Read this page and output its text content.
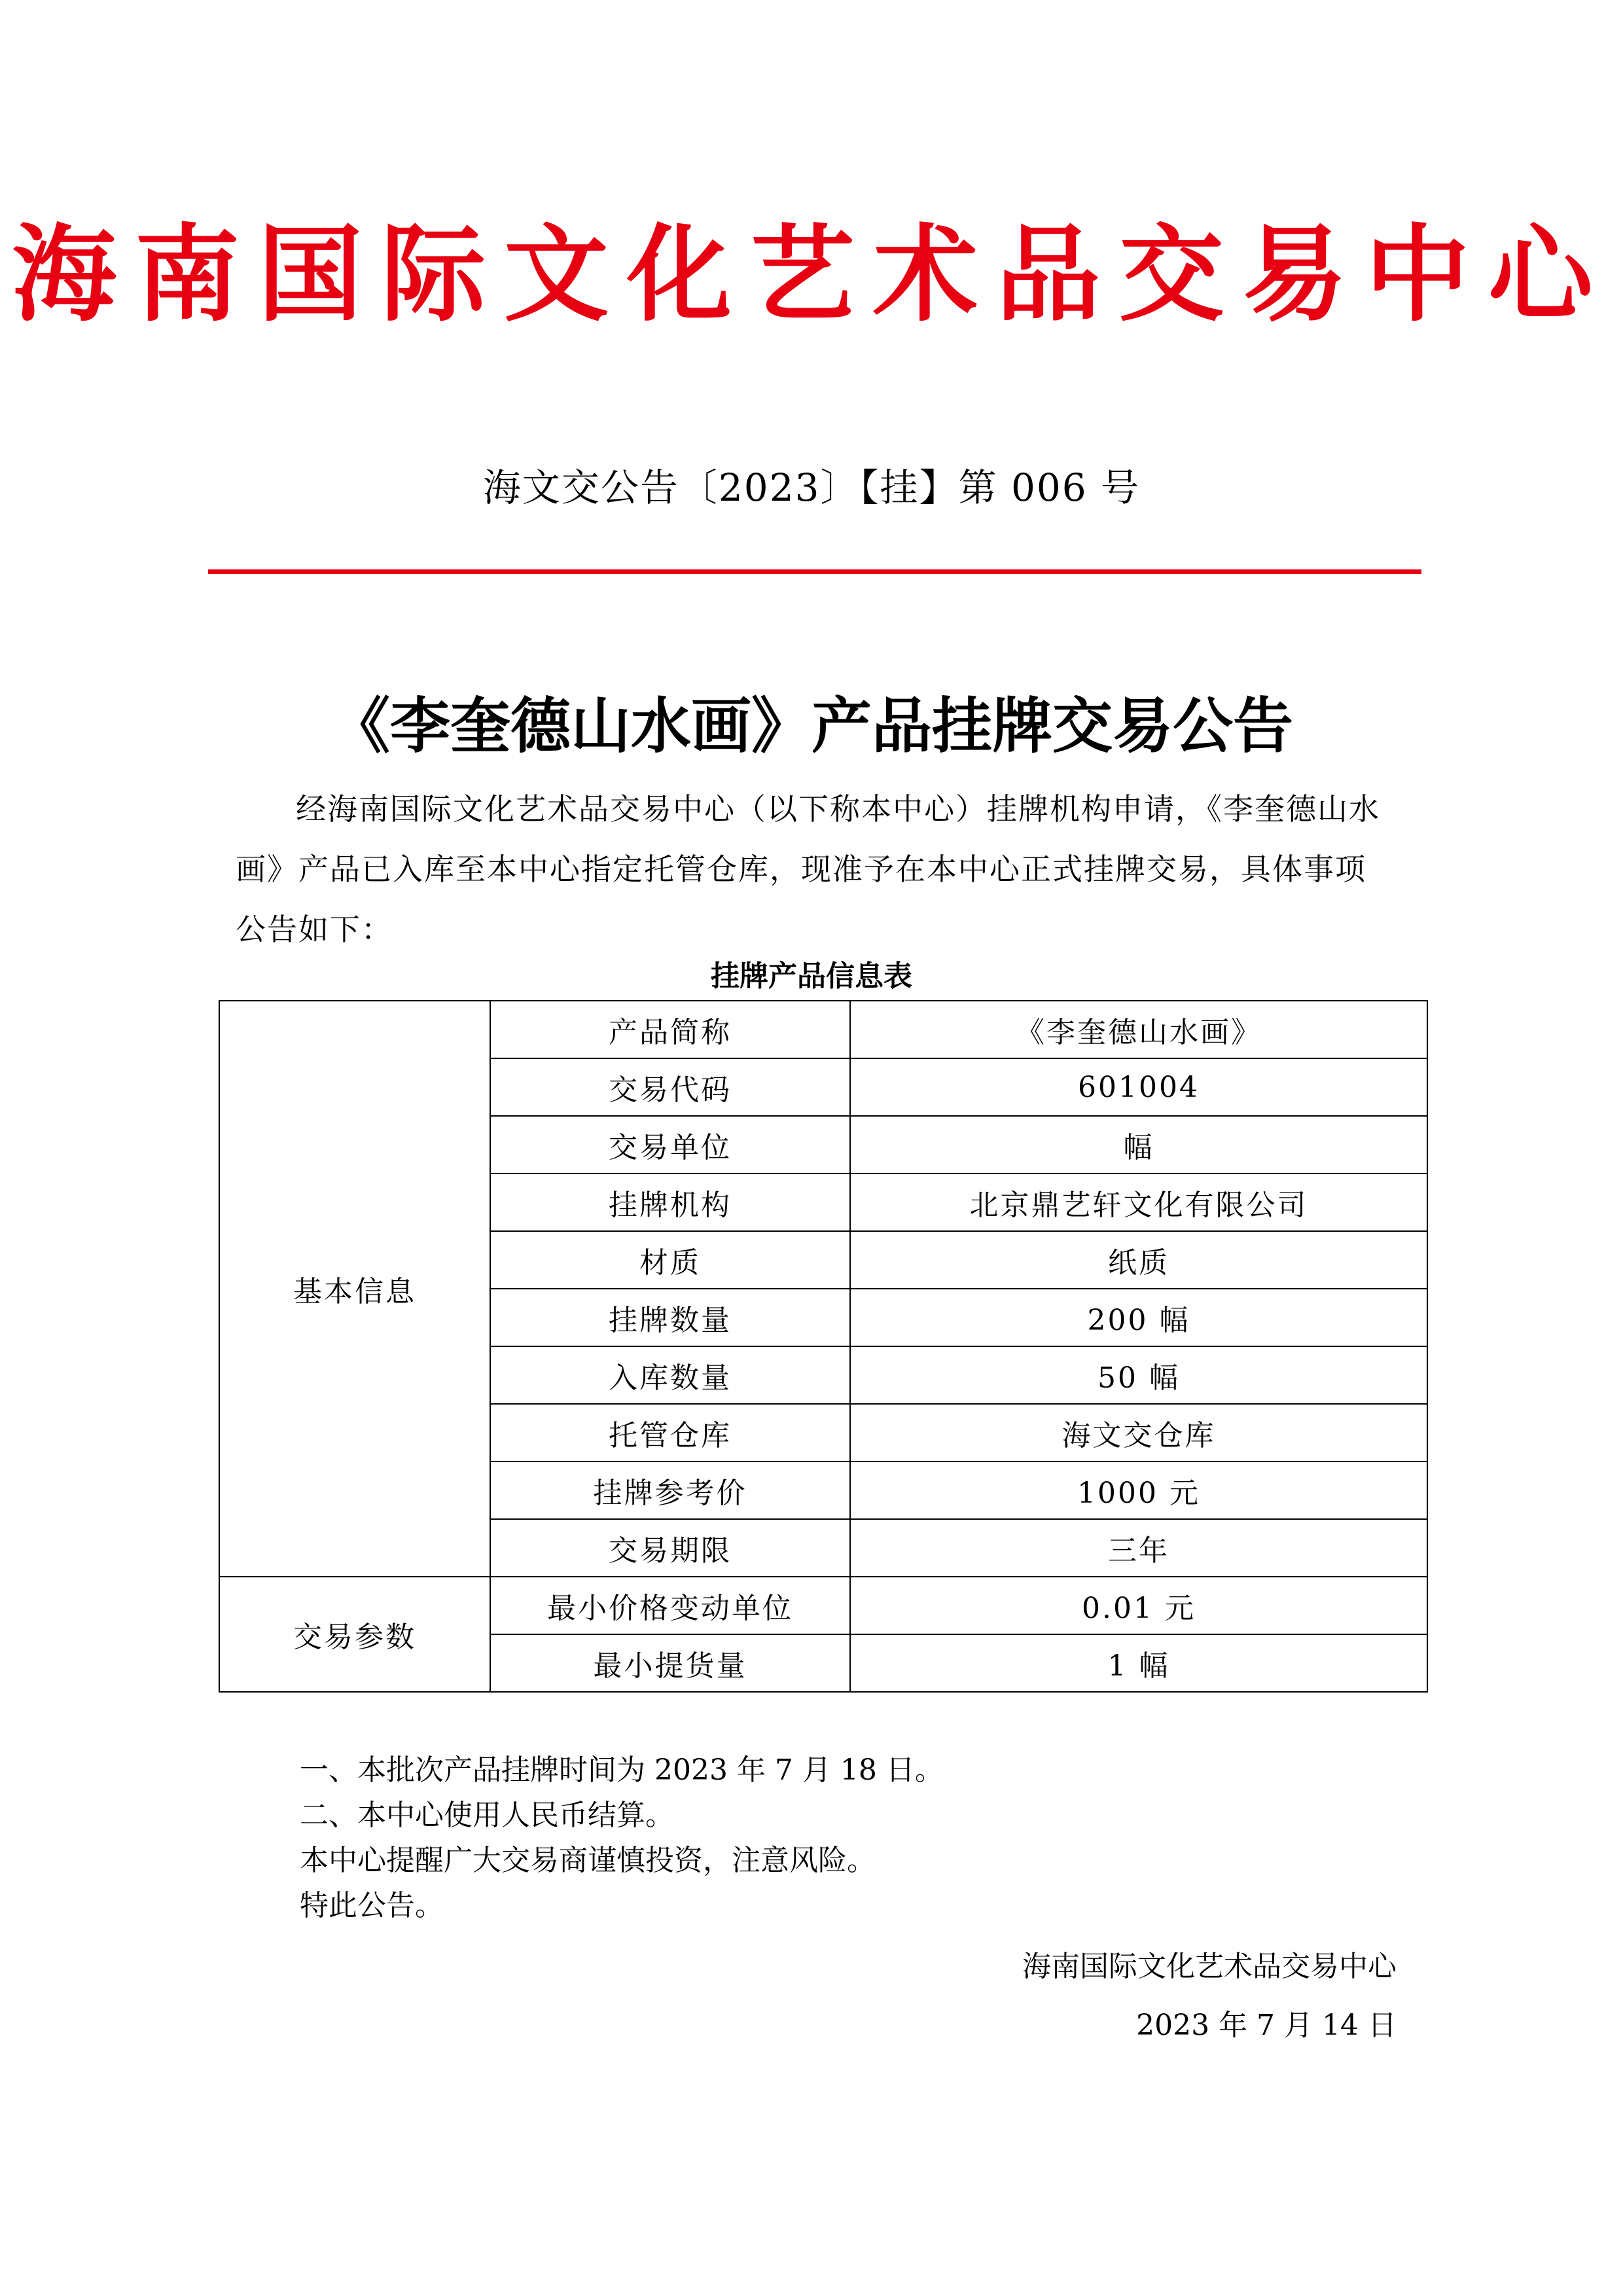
海南国际文化艺术品交易中心
海文交公告〔2023〕【挂】第 006 号
《李奎德山水画》产品挂牌交易公告

经海南国际文化艺术品交易中心（以下称本中心）挂牌机构申请，《李奎德山水画》产品已入库至本中心指定托管仓库，现准予在本中心正式挂牌交易，具体事项公告如下：

挂牌产品信息表
基本信息	产品简称	《李奎德山水画》
	交易代码	601004
	交易单位	幅
	挂牌机构	北京鼎艺轩文化有限公司
	材质	纸质
	挂牌数量	200 幅
	入库数量	50 幅
	托管仓库	海文交仓库
	挂牌参考价	1000 元
	交易期限	三年
交易参数	最小价格变动单位	0.01 元
	最小提货量	1 幅
一、本批次产品挂牌时间为 2023 年 7 月 18 日。
二、本中心使用人民币结算。
本中心提醒广大交易商谨慎投资，注意风险。
特此公告。
海南国际文化艺术品交易中心
2023 年 7 月 14 日
